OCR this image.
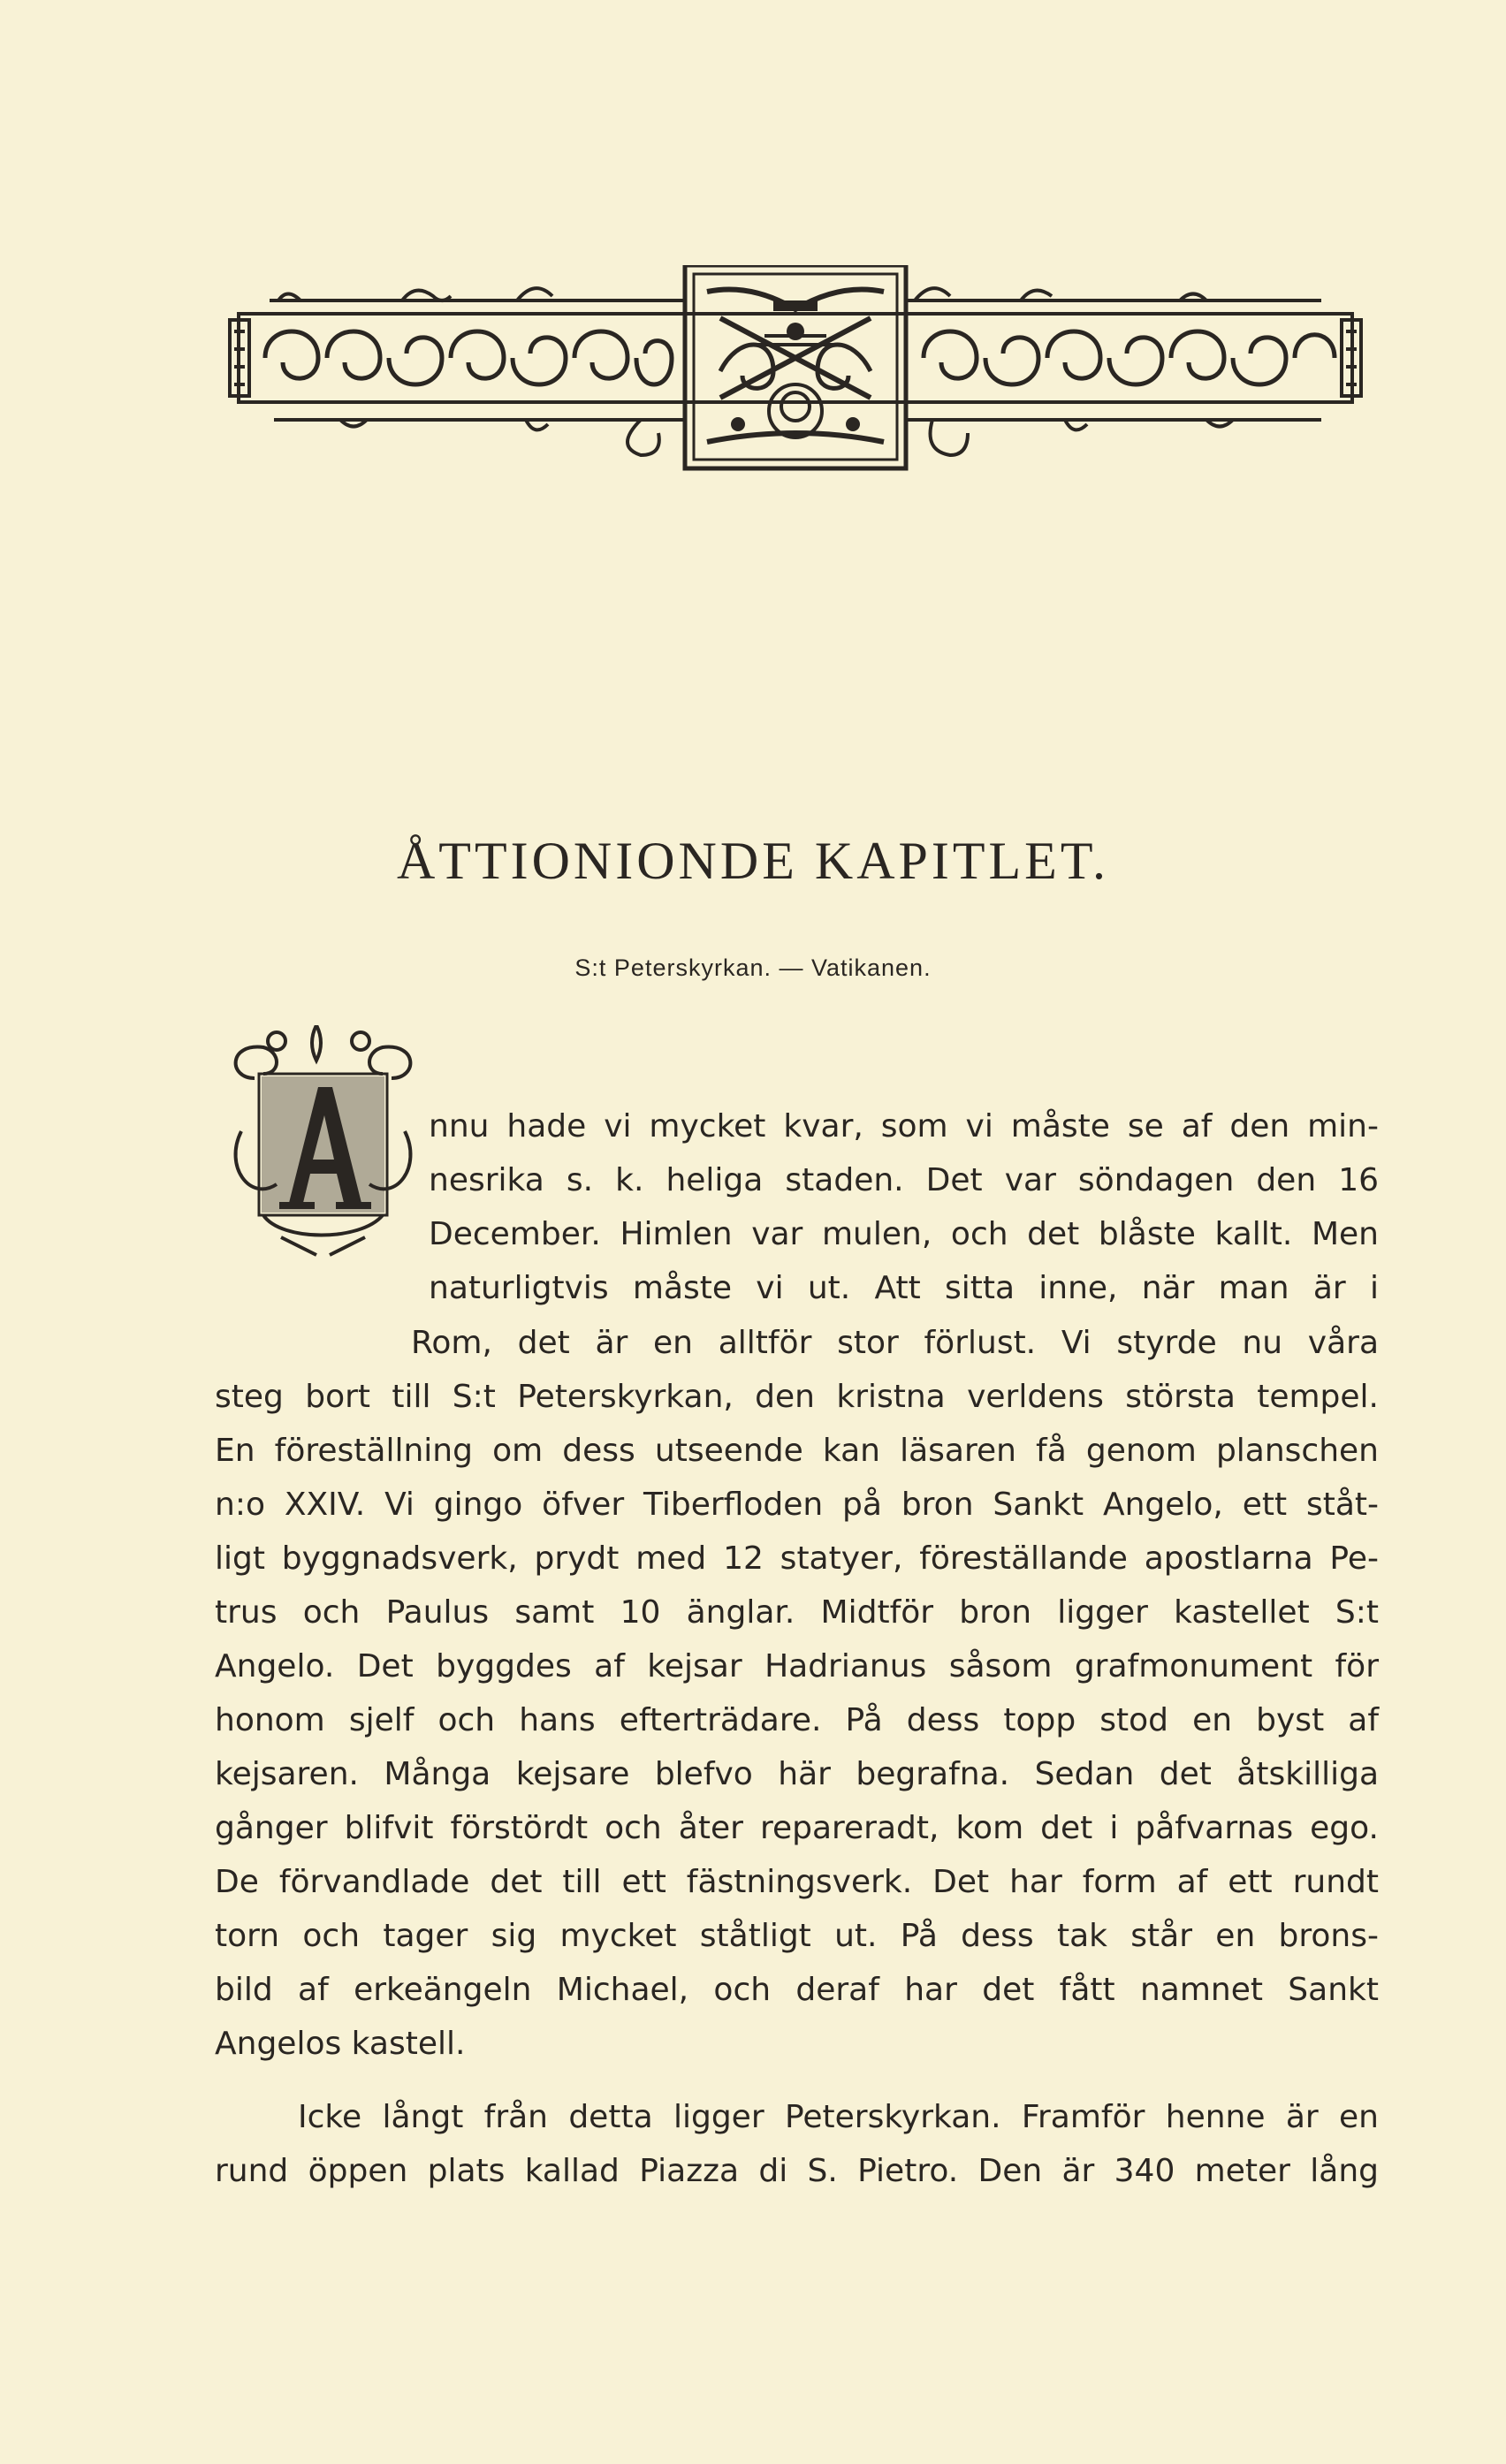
ÅTTIONIONDE KAPITLET.
S:t Peterskyrkan. — Vatikanen.
nnu hade vi mycket kvar, som vi måste se af den min-
nesrika s. k. heliga staden. Det var söndagen den 16
December. Himlen var mulen, och det blåste kallt. Men
naturligtvis måste vi ut. Att sitta inne, när man är i
Rom, det är en alltför stor förlust. Vi styrde nu våra
steg bort till S:t Peterskyrkan, den kristna verldens största tempel.
En föreställning om dess utseende kan läsaren få genom planschen
n:o XXIV. Vi gingo öfver Tiberfloden på bron Sankt Angelo, ett ståt-
ligt byggnadsverk, prydt med 12 statyer, föreställande apostlarna Pe-
trus och Paulus samt 10 änglar. Midtför bron ligger kastellet S:t
Angelo. Det byggdes af kejsar Hadrianus såsom grafmonument för
honom sjelf och hans efterträdare. På dess topp stod en byst af
kejsaren. Många kejsare blefvo här begrafna. Sedan det åtskilliga
gånger blifvit förstördt och åter repareradt, kom det i påfvarnas ego.
De förvandlade det till ett fästningsverk. Det har form af ett rundt
torn och tager sig mycket ståtligt ut. På dess tak står en brons-
bild af erkeängeln Michael, och deraf har det fått namnet Sankt
Angelos kastell.
Icke långt från detta ligger Peterskyrkan. Framför henne är en
rund öppen plats kallad Piazza di S. Pietro. Den är 340 meter lång
